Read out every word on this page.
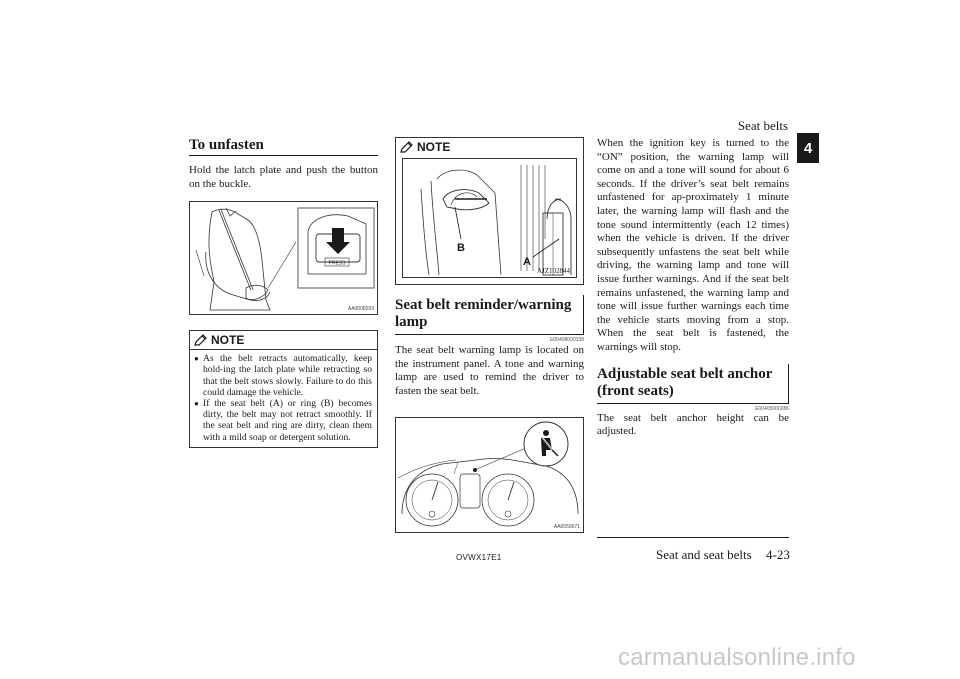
Seat belts
4
To unfasten

Hold the latch plate and push the button on the buckle.

PRESS
AA0008293
NOTE
● As the belt retracts automatically, keep hold-ing the latch plate while retracting so that the belt stows slowly. Failure to do this could damage the vehicle.
● If the seat belt (A) or ring (B) becomes dirty, the belt may not retract smoothly. If the seat belt and ring are dirty, clean them with a mild soap or detergent solution.
NOTE
B
A
AJZ102844
Seat belt reminder/warning lamp
E00408000338

The seat belt warning lamp is located on the instrument panel. A tone and warning lamp are used to remind the driver to fasten the seat belt.

AA0059671

When the ignition key is turned to the “ON” position, the warning lamp will come on and a tone will sound for about 6 seconds. If the driver’s seat belt remains unfastened for ap-proximately 1 minute later, the warning lamp will flash and the tone sound intermittently (each 12 times) when the vehicle is driven. If the driver subsequently unfastens the seat belt while driving, the warning lamp and tone will issue further warnings. And if the seat belt remains unfastened, the warning lamp and tone will issue further warnings each time the vehicle starts moving from a stop. When the seat belt is fastened, the warnings will stop.

Adjustable seat belt anchor (front seats)
E00405000286

The seat belt anchor height can be adjusted.

OVWX17E1	Seat and seat belts 4-23
carmanualsonline.info
